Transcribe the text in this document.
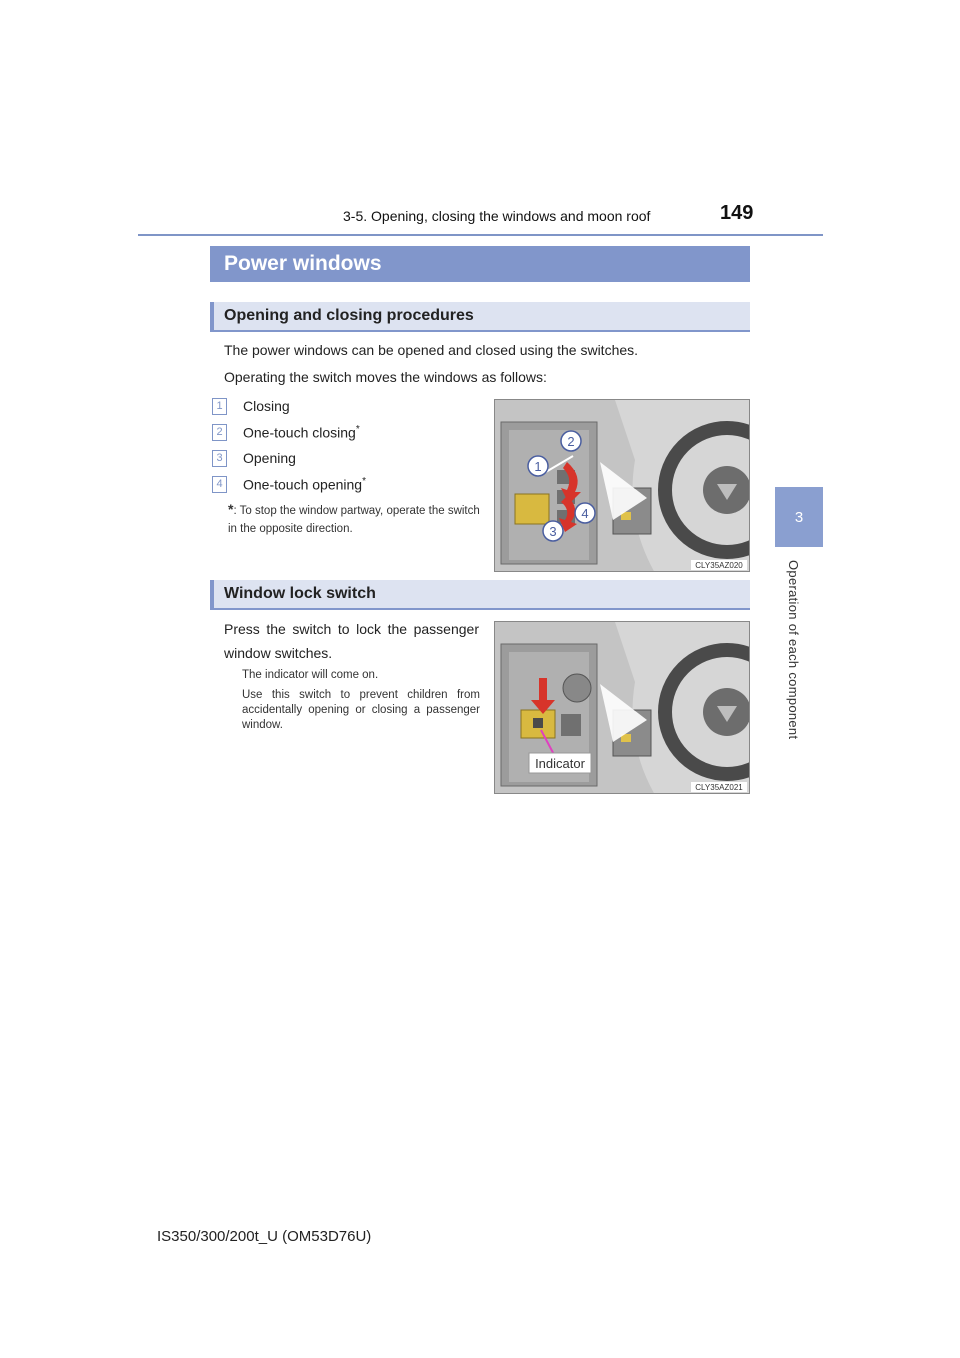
3-5. Opening, closing the windows and moon roof	149
3
Operation of each component
Power windows
Opening and closing procedures
The power windows can be opened and closed using the switches.
Operating the switch moves the windows as follows:
1	Closing
2	One-touch closing*
3	Opening
4	One-touch opening*
*: To stop the window partway, operate the switch in the opposite direction.
1
2
3
4
CLY35AZ020
Window lock switch
Press the switch to lock the passenger window switches.
The indicator will come on.
Use this switch to prevent children from accidentally opening or closing a passenger window.
Indicator
CLY35AZ021
IS350/300/200t_U (OM53D76U)
